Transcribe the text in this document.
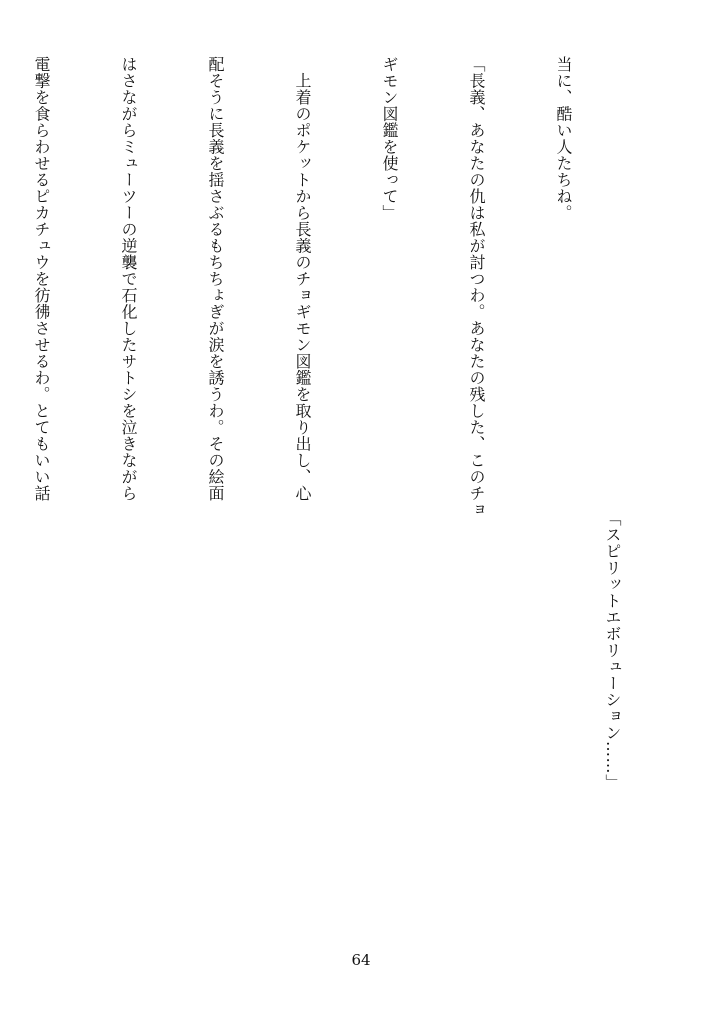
当に、酷い人たちね。

「長義、あなたの仇は私が討つわ。あなたの残した、このチョ

ギモン図鑑を使って」

　上着のポケットから長義のチョギモン図鑑を取り出し、心

配そうに長義を揺さぶるもちちょぎが涙を誘うわ。その絵面

はさながらミューツーの逆襲で石化したサトシを泣きながら

電撃を食らわせるピカチュウを彷彿させるわ。とてもいい話

「スピリットエボリューション……」
64
